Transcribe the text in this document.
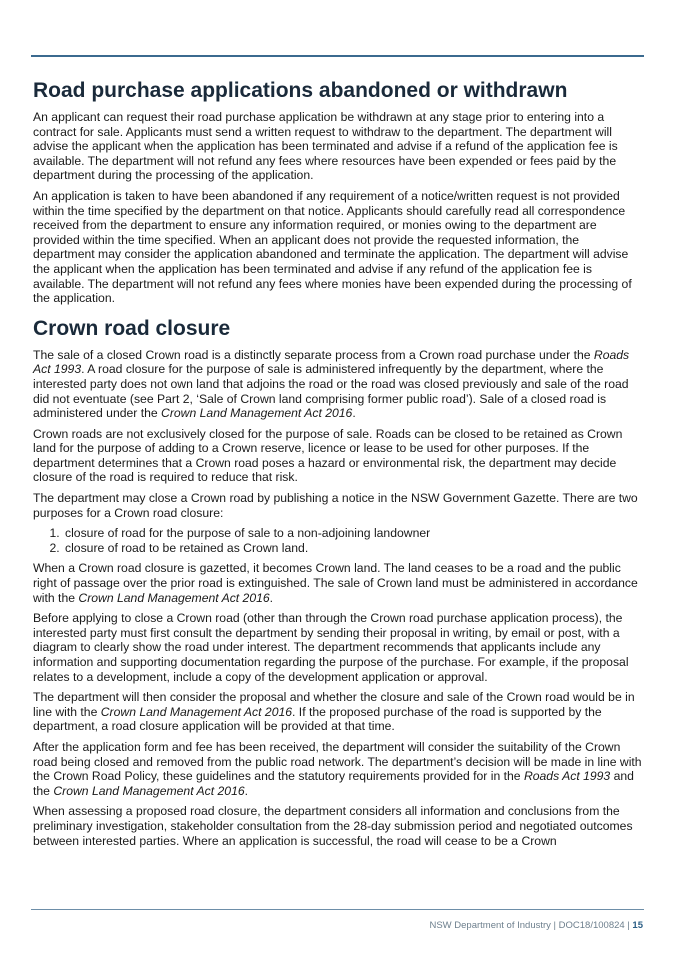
Road purchase applications abandoned or withdrawn

An applicant can request their road purchase application be withdrawn at any stage prior to entering into a contract for sale. Applicants must send a written request to withdraw to the department. The department will advise the applicant when the application has been terminated and advise if a refund of the application fee is available. The department will not refund any fees where resources have been expended or fees paid by the department during the processing of the application.

An application is taken to have been abandoned if any requirement of a notice/written request is not provided within the time specified by the department on that notice. Applicants should carefully read all correspondence received from the department to ensure any information required, or monies owing to the department are provided within the time specified. When an applicant does not provide the requested information, the department may consider the application abandoned and terminate the application. The department will advise the applicant when the application has been terminated and advise if any refund of the application fee is available. The department will not refund any fees where monies have been expended during the processing of the application.

Crown road closure

The sale of a closed Crown road is a distinctly separate process from a Crown road purchase under the Roads Act 1993. A road closure for the purpose of sale is administered infrequently by the department, where the interested party does not own land that adjoins the road or the road was closed previously and sale of the road did not eventuate (see Part 2, ‘Sale of Crown land comprising former public road’). Sale of a closed road is administered under the Crown Land Management Act 2016.

Crown roads are not exclusively closed for the purpose of sale. Roads can be closed to be retained as Crown land for the purpose of adding to a Crown reserve, licence or lease to be used for other purposes. If the department determines that a Crown road poses a hazard or environmental risk, the department may decide closure of the road is required to reduce that risk.

The department may close a Crown road by publishing a notice in the NSW Government Gazette. There are two purposes for a Crown road closure:

1. closure of road for the purpose of sale to a non-adjoining landowner
2. closure of road to be retained as Crown land.

When a Crown road closure is gazetted, it becomes Crown land. The land ceases to be a road and the public right of passage over the prior road is extinguished. The sale of Crown land must be administered in accordance with the Crown Land Management Act 2016.

Before applying to close a Crown road (other than through the Crown road purchase application process), the interested party must first consult the department by sending their proposal in writing, by email or post, with a diagram to clearly show the road under interest. The department recommends that applicants include any information and supporting documentation regarding the purpose of the purchase. For example, if the proposal relates to a development, include a copy of the development application or approval.

The department will then consider the proposal and whether the closure and sale of the Crown road would be in line with the Crown Land Management Act 2016. If the proposed purchase of the road is supported by the department, a road closure application will be provided at that time.

After the application form and fee has been received, the department will consider the suitability of the Crown road being closed and removed from the public road network. The department’s decision will be made in line with the Crown Road Policy, these guidelines and the statutory requirements provided for in the Roads Act 1993 and the Crown Land Management Act 2016.

When assessing a proposed road closure, the department considers all information and conclusions from the preliminary investigation, stakeholder consultation from the 28-day submission period and negotiated outcomes between interested parties. Where an application is successful, the road will cease to be a Crown

NSW Department of Industry | DOC18/100824 | 15
